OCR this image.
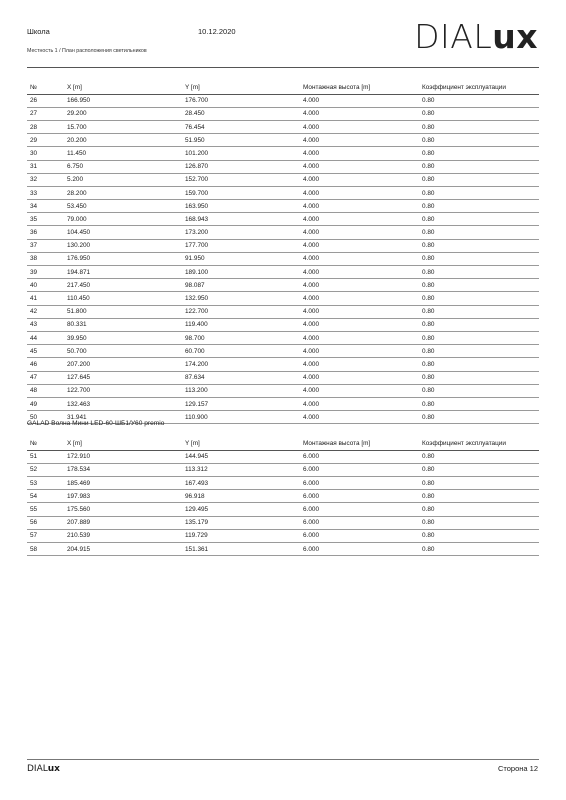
Школа	10.12.2020
Местность 1 / План расположения светильников	DIALux
№	X [m]	Y [m]	Монтажная высота [m]	Коэффициент эксплуатации
26	166.950	176.700	4.000	0.80
27	29.200	28.450	4.000	0.80
28	15.700	76.454	4.000	0.80
29	20.200	51.950	4.000	0.80
30	11.450	101.200	4.000	0.80
31	6.750	126.870	4.000	0.80
32	5.200	152.700	4.000	0.80
33	28.200	159.700	4.000	0.80
34	53.450	163.950	4.000	0.80
35	79.000	168.943	4.000	0.80
36	104.450	173.200	4.000	0.80
37	130.200	177.700	4.000	0.80
38	176.950	91.950	4.000	0.80
39	194.871	189.100	4.000	0.80
40	217.450	98.087	4.000	0.80
41	110.450	132.950	4.000	0.80
42	51.800	122.700	4.000	0.80
43	80.331	119.400	4.000	0.80
44	39.950	98.700	4.000	0.80
45	50.700	60.700	4.000	0.80
46	207.200	174.200	4.000	0.80
47	127.645	87.634	4.000	0.80
48	122.700	113.200	4.000	0.80
49	132.463	129.157	4.000	0.80
50	31.941	110.900	4.000	0.80
GALAD Волна Мини LED-60-ШБ1/У60 premio
№	X [m]	Y [m]	Монтажная высота [m]	Коэффициент эксплуатации
51	172.910	144.945	6.000	0.80
52	178.534	113.312	6.000	0.80
53	185.469	167.493	6.000	0.80
54	197.983	96.918	6.000	0.80
55	175.560	129.495	6.000	0.80
56	207.889	135.179	6.000	0.80
57	210.539	119.729	6.000	0.80
58	204.915	151.361	6.000	0.80
DIALux	Сторона 12
